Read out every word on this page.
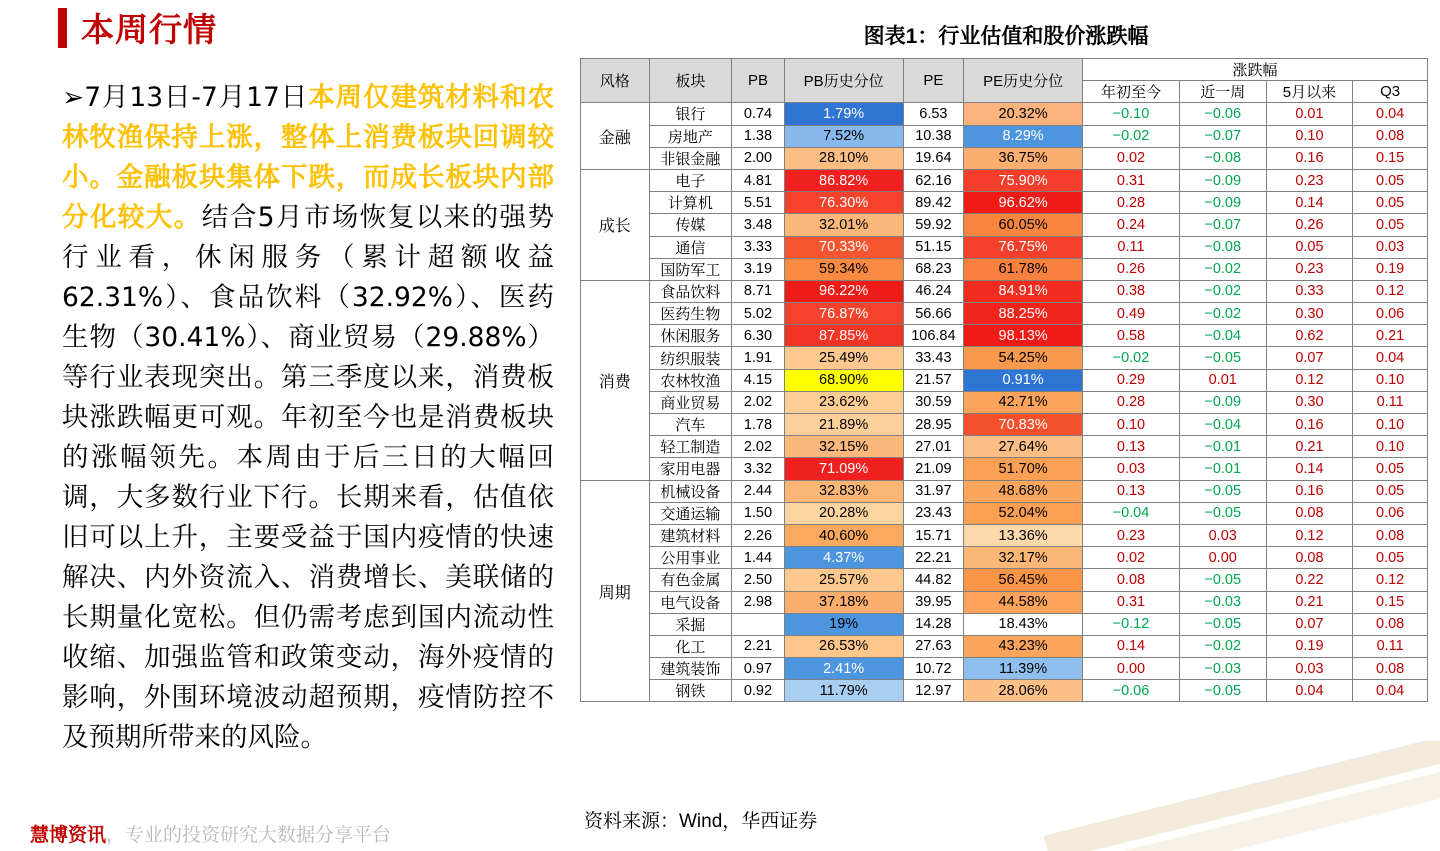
本周行情
➢7月13日-7月17日本周仅建筑材料和农林牧渔保持上涨，整体上消费板块回调较小。金融板块集体下跌，而成长板块内部分化较大。结合5月市场恢复以来的强势行业看，休闲服务（累计超额收益62.31%）、食品饮料（32.92%）、医药生物（30.41%）、商业贸易（29.88%）等行业表现突出。第三季度以来，消费板块涨跌幅更可观。年初至今也是消费板块的涨幅领先。本周由于后三日的大幅回调，大多数行业下行。长期来看，估值依旧可以上升，主要受益于国内疫情的快速解决、内外资流入、消费增长、美联储的长期量化宽松。但仍需考虑到国内流动性收缩、加强监管和政策变动，海外疫情的影响，外围环境波动超预期，疫情防控不及预期所带来的风险。
慧博资讯，专业的投资研究大数据分享平台
图表1：行业估值和股价涨跌幅
风格	板块	PB	PB历史分位	PE	PE历史分位	涨跌幅			
						年初至今	近一周	5月以来	Q3
金融	银行	0.74	1.79%	6.53	20.32%	−0.10	−0.06	0.01	0.04
	房地产	1.38	7.52%	10.38	8.29%	−0.02	−0.07	0.10	0.08
	非银金融	2.00	28.10%	19.64	36.75%	0.02	−0.08	0.16	0.15
成长	电子	4.81	86.82%	62.16	75.90%	0.31	−0.09	0.23	0.05
	计算机	5.51	76.30%	89.42	96.62%	0.28	−0.09	0.14	0.05
	传媒	3.48	32.01%	59.92	60.05%	0.24	−0.07	0.26	0.05
	通信	3.33	70.33%	51.15	76.75%	0.11	−0.08	0.05	0.03
	国防军工	3.19	59.34%	68.23	61.78%	0.26	−0.02	0.23	0.19
消费	食品饮料	8.71	96.22%	46.24	84.91%	0.38	−0.02	0.33	0.12
	医药生物	5.02	76.87%	56.66	88.25%	0.49	−0.02	0.30	0.06
	休闲服务	6.30	87.85%	106.84	98.13%	0.58	−0.04	0.62	0.21
	纺织服装	1.91	25.49%	33.43	54.25%	−0.02	−0.05	0.07	0.04
	农林牧渔	4.15	68.90%	21.57	0.91%	0.29	0.01	0.12	0.10
	商业贸易	2.02	23.62%	30.59	42.71%	0.28	−0.09	0.30	0.11
	汽车	1.78	21.89%	28.95	70.83%	0.10	−0.04	0.16	0.10
	轻工制造	2.02	32.15%	27.01	27.64%	0.13	−0.01	0.21	0.10
	家用电器	3.32	71.09%	21.09	51.70%	0.03	−0.01	0.14	0.05
周期	机械设备	2.44	32.83%	31.97	48.68%	0.13	−0.05	0.16	0.05
	交通运输	1.50	20.28%	23.43	52.04%	−0.04	−0.05	0.08	0.06
	建筑材料	2.26	40.60%	15.71	13.36%	0.23	0.03	0.12	0.08
	公用事业	1.44	4.37%	22.21	32.17%	0.02	0.00	0.08	0.05
	有色金属	2.50	25.57%	44.82	56.45%	0.08	−0.05	0.22	0.12
	电气设备	2.98	37.18%	39.95	44.58%	0.31	−0.03	0.21	0.15
	采掘		19%	14.28	18.43%	−0.12	−0.05	0.07	0.08
	化工	2.21	26.53%	27.63	43.23%	0.14	−0.02	0.19	0.11
	建筑装饰	0.97	2.41%	10.72	11.39%	0.00	−0.03	0.03	0.08
	钢铁	0.92	11.79%	12.97	28.06%	−0.06	−0.05	0.04	0.04
资料来源：Wind，华西证券
